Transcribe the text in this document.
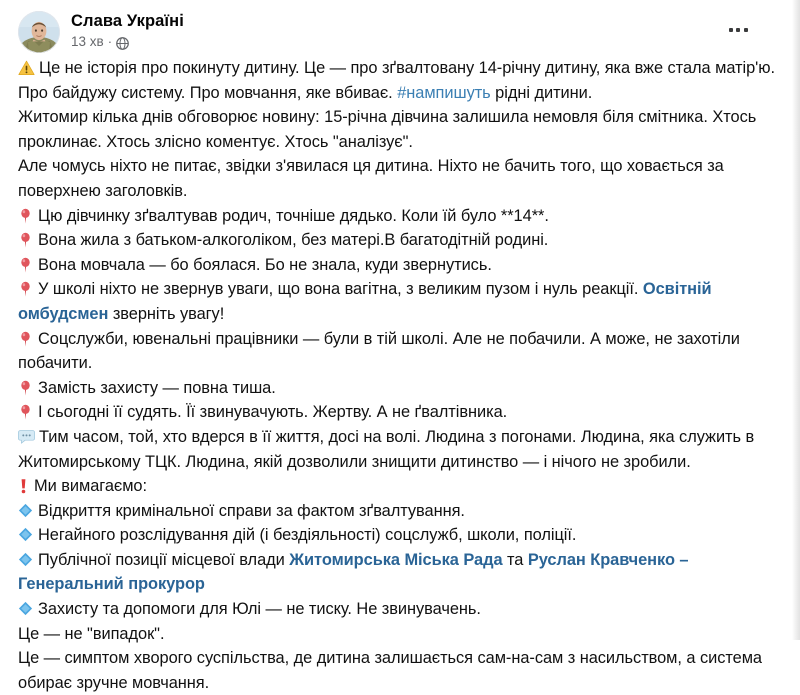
Слава Україні
13 хв ·

Це не історія про покинуту дитину. Це — про зґвалтовану 14-річну дитину, яка вже стала матір'ю. Про байдужу систему. Про мовчання, яке вбиває. #нампишуть рідні дитини.

Житомир кілька днів обговорює новину: 15-річна дівчина залишила немовля біля смітника. Хтось проклинає. Хтось злісно коментує. Хтось "аналізує".

Але чомусь ніхто не питає, звідки з'явилася ця дитина. Ніхто не бачить того, що ховається за поверхнею заголовків.

Цю дівчинку зґвалтував родич, точніше дядько. Коли їй було **14**.

Вона жила з батьком-алкоголіком, без матері.В багатодітній родині.

Вона мовчала — бо боялася. Бо не знала, куди звернутись.

У школі ніхто не звернув уваги, що вона вагітна, з великим пузом і нуль реакції. Освітній омбудсмен зверніть увагу!

Соцслужби, ювенальні працівники — були в тій школі. Але не побачили. А може, не захотіли побачити.

Замість захисту — повна тиша.

І сьогодні її судять. Її звинувачують. Жертву. А не ґвалтівника.

Тим часом, той, хто вдерся в її життя, досі на волі. Людина з погонами. Людина, яка служить в Житомирському ТЦК. Людина, якій дозволили знищити дитинство — і нічого не зробили.

Ми вимагаємо:

Відкриття кримінальної справи за фактом зґвалтування.

Негайного розслідування дій (і бездіяльності) соцслужб, школи, поліції.

Публічної позиції місцевої влади Житомирська Міська Рада та Руслан Кравченко – Генеральний прокурор

Захисту та допомоги для Юлі — не тиску. Не звинувачень.

Це — не "випадок".

Це — симптом хворого суспільства, де дитина залишається сам-на-сам з насильством, а система обирає зручне мовчання.
